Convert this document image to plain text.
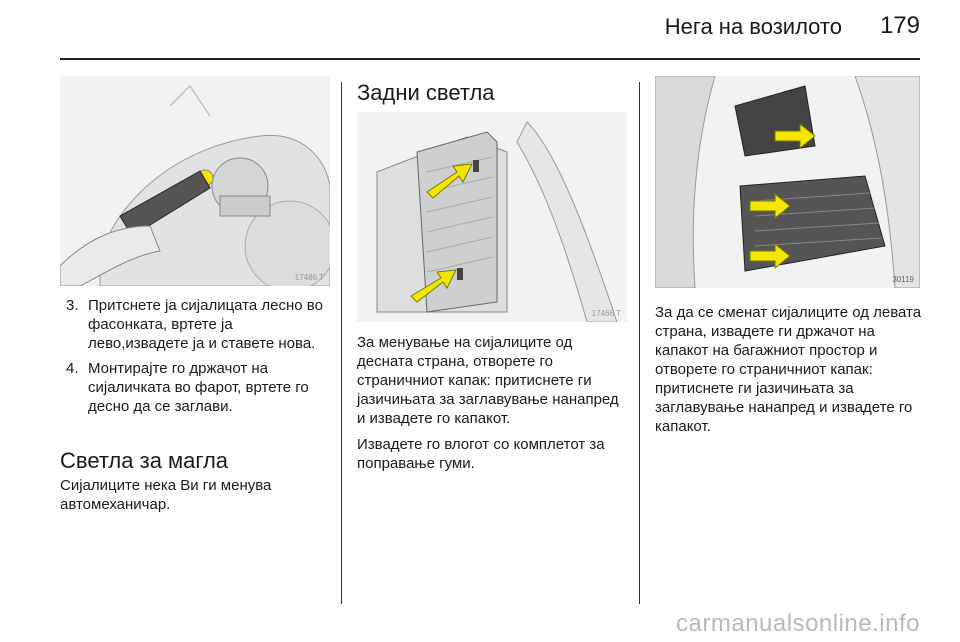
Нега на возилото 179
17486 T
3. Притснете ја сијалицата лесно во фасонката, вртете ја лево,извадете ја и ставете нова.
4. Монтирајте го држачот на сијаличката во фарот, вртете го десно да се заглави.
Светла за магла

Сијалиците нека Ви ги менува автомеханичар.

Задни светла
17466 T

За менување на сијалиците од десната страна, отворете го страничниот капак: притиснете ги јазичињата за заглавување нанапред и извадете го капакот.

Извадете го влогот со комплетот за поправање гуми.

30119

За да се сменат сијалиците од левата страна, извадете ги држачот на капакот на багажниот простор и отворете го страничниот капак: притиснете ги јазичињата за заглавување нанапред и извадете го капакот.

carmanualsonline.info
